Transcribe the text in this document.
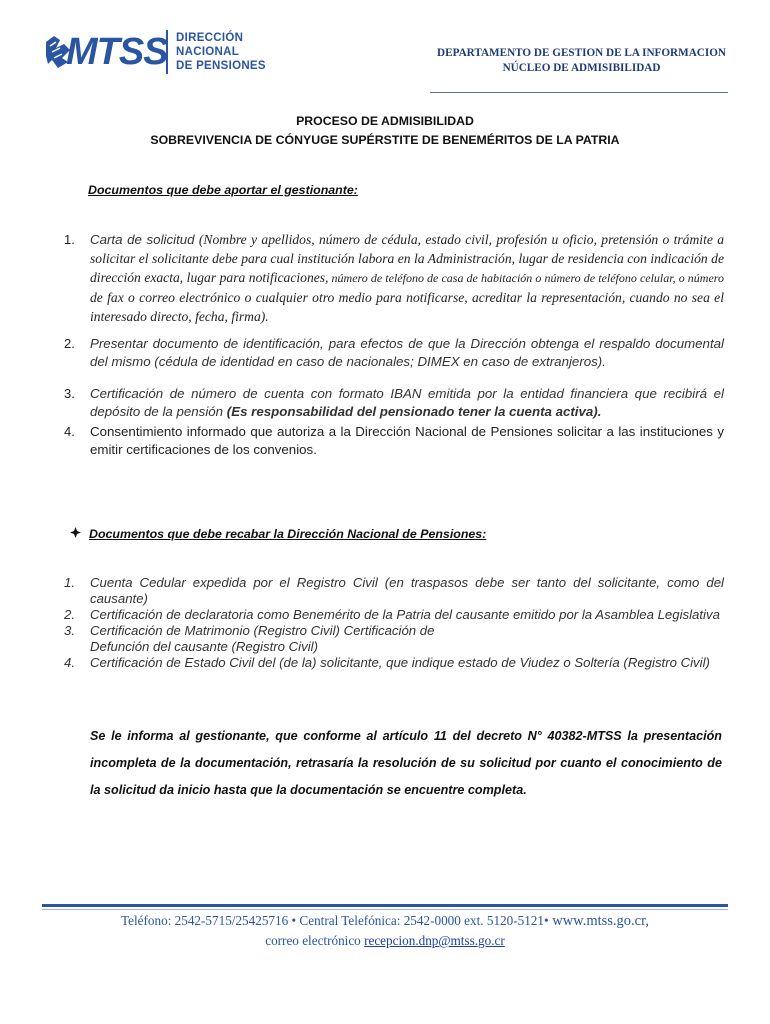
MTSS DIRECCIÓN
NACIONAL
DE PENSIONES
DEPARTAMENTO DE GESTION DE LA INFORMACION
NÚCLEO DE ADMISIBILIDAD
PROCESO DE ADMISIBILIDAD
SOBREVIVENCIA DE CÓNYUGE SUPÉRSTITE DE BENEMÉRITOS DE LA PATRIA
Documentos que debe aportar el gestionante:
1. Carta de solicitud (Nombre y apellidos, número de cédula, estado civil, profesión u oficio, pretensión o trámite a solicitar el solicitante debe para cual institución labora en la Administración, lugar de residencia con indicación de dirección exacta, lugar para notificaciones, número de teléfono de casa de habitación o número de teléfono celular, o número de fax o correo electrónico o cualquier otro medio para notificarse, acreditar la representación, cuando no sea el interesado directo, fecha, firma).
2. Presentar documento de identificación, para efectos de que la Dirección obtenga el respaldo documental del mismo (cédula de identidad en caso de nacionales; DIMEX en caso de extranjeros).
3. Certificación de número de cuenta con formato IBAN emitida por la entidad financiera que recibirá el depósito de la pensión (Es responsabilidad del pensionado tener la cuenta activa).
4. Consentimiento informado que autoriza a la Dirección Nacional de Pensiones solicitar a las instituciones y emitir certificaciones de los convenios.
Documentos que debe recabar la Dirección Nacional de Pensiones:
1. Cuenta Cedular expedida por el Registro Civil (en traspasos debe ser tanto del solicitante, como del causante)
2. Certificación de declaratoria como Benemérito de la Patria del causante emitido por la Asamblea Legislativa
3. Certificación de Matrimonio (Registro Civil) Certificación de
Defunción del causante (Registro Civil)
4. Certificación de Estado Civil del (de la) solicitante, que indique estado de Viudez o Soltería (Registro Civil)
Se le informa al gestionante, que conforme al artículo 11 del decreto N° 40382-MTSS la presentación incompleta de la documentación, retrasaría la resolución de su solicitud por cuanto el conocimiento de la solicitud da inicio hasta que la documentación se encuentre completa.
Teléfono: 2542-5715/25425716 • Central Telefónica: 2542-0000 ext. 5120-5121• www.mtss.go.cr,
correo electrónico recepcion.dnp@mtss.go.cr
